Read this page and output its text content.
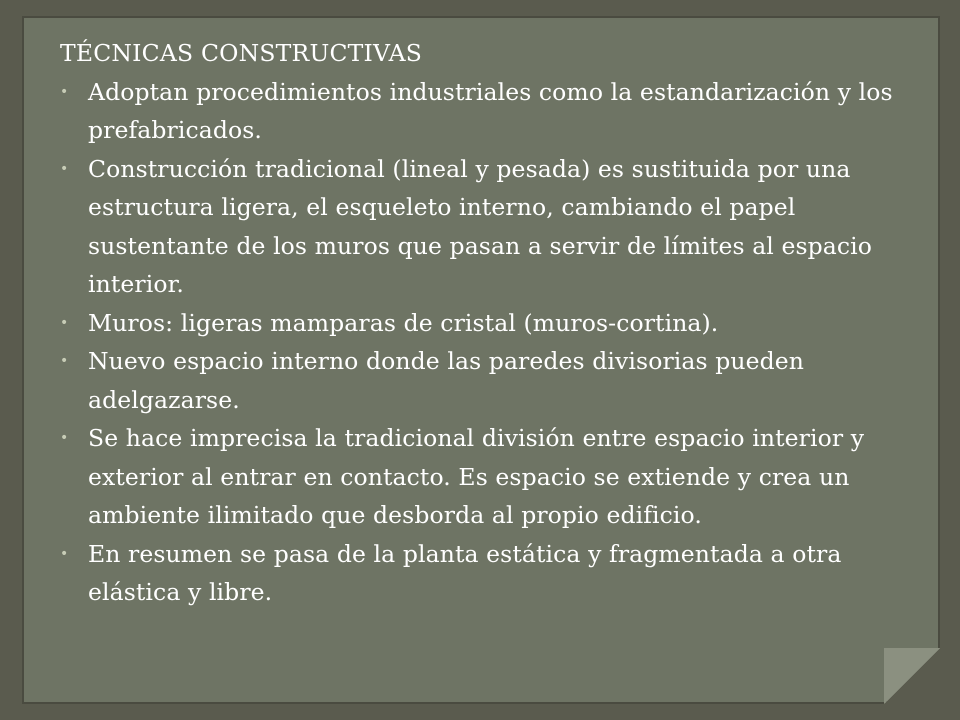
TÉCNICAS CONSTRUCTIVAS
• Adoptan procedimientos industriales como la estandarización y los prefabricados.
• Construcción tradicional (lineal y pesada) es sustituida por una estructura ligera, el esqueleto interno, cambiando el papel sustentante de los muros que pasan a servir de límites al espacio interior.
• Muros: ligeras mamparas de cristal (muros-cortina).
• Nuevo espacio interno donde las paredes divisorias pueden adelgazarse.
• Se hace imprecisa la tradicional división entre espacio interior y exterior al entrar en contacto. Es espacio se extiende y crea un ambiente ilimitado que desborda al propio edificio.
• En resumen se pasa de la planta estática y fragmentada a otra elástica y libre.
